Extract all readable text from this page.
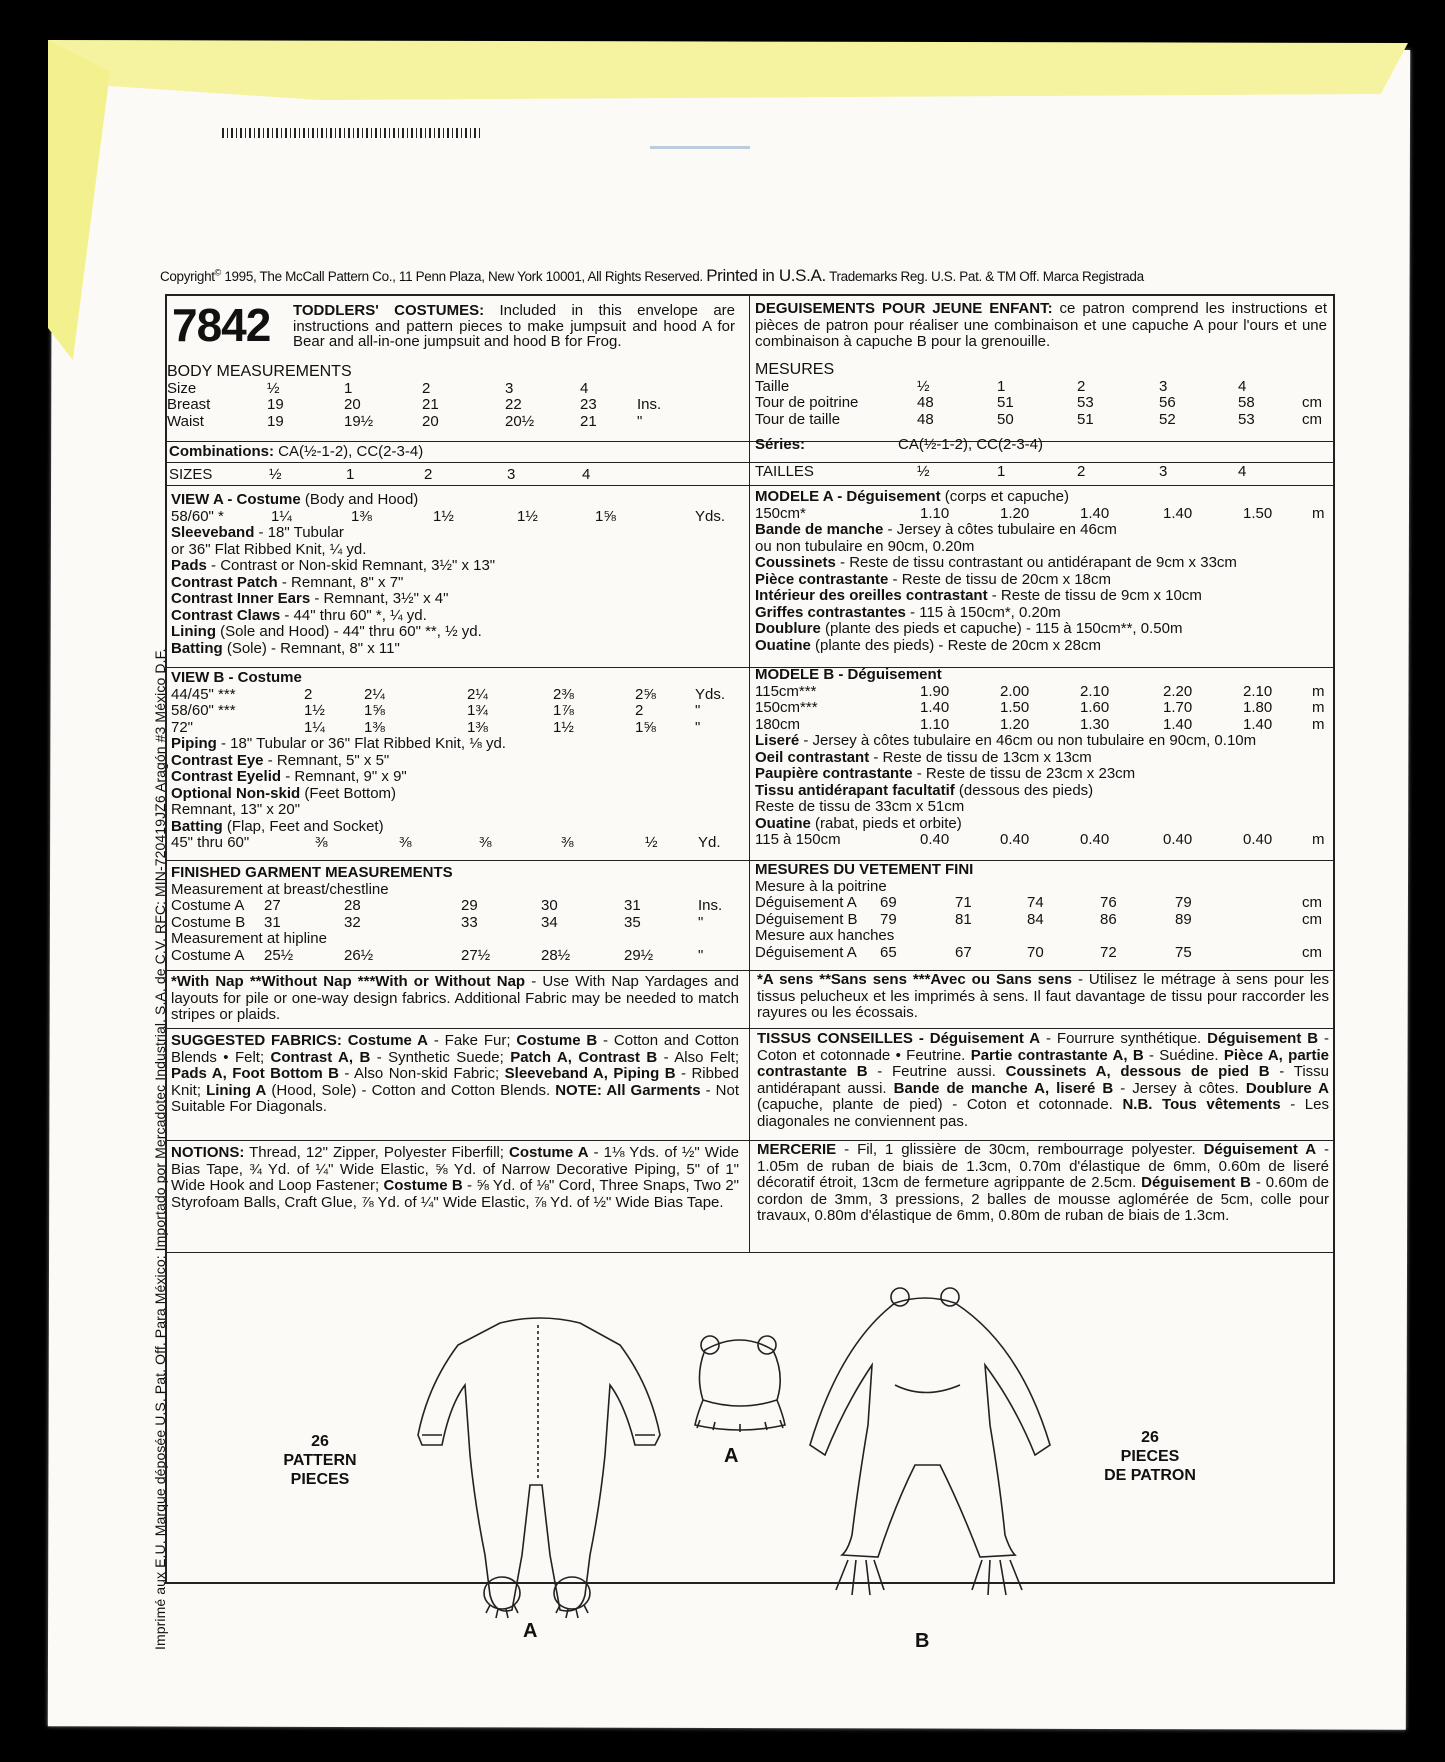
Copyright© 1995, The McCall Pattern Co., 11 Penn Plaza, New York 10001, All Rights Reserved. Printed in U.S.A. Trademarks Reg. U.S. Pat. & TM Off. Marca Registrada
Imprimé aux E.U. Marque déposée U.S. Pat. Off. Para México: Importado por Mercadotec Industrial, S.A. de C.V. RFC: MIN-720419JZ6 Aragón #3 México D.F.
7842 TODDLERS' COSTUMES: Included in this envelope are instructions and pattern pieces to make jumpsuit and hood A for Bear and all-in-one jumpsuit and hood B for Frog.
BODY MEASUREMENTS
Size	½	1	2	3	4
Breast	19	20	21	22	23	Ins.
Waist	19	19½	20	20½	21	"
Combinations: CA(½-1-2), CC(2-3-4)
SIZES	½	1	2	3	4
VIEW A - Costume (Body and Hood)
58/60" *	1¼	1⅜	1½	1½	1⅝	Yds.
Sleeveband - 18" Tubular
or 36" Flat Ribbed Knit, ¼ yd.
Pads - Contrast or Non-skid Remnant, 3½" x 13"
Contrast Patch - Remnant, 8" x 7"
Contrast Inner Ears - Remnant, 3½" x 4"
Contrast Claws - 44" thru 60" *, ¼ yd.
Lining (Sole and Hood) - 44" thru 60" **, ½ yd.
Batting (Sole) - Remnant, 8" x 11"
VIEW B - Costume
44/45" ***	2	2¼	2¼	2⅜	2⅝	Yds.
58/60" ***	1½	1⅝	1¾	1⅞	2	"
72"	1¼	1⅜	1⅜	1½	1⅝	"
Piping - 18" Tubular or 36" Flat Ribbed Knit, ⅛ yd.
Contrast Eye - Remnant, 5" x 5"
Contrast Eyelid - Remnant, 9" x 9"
Optional Non-skid (Feet Bottom)
Remnant, 13" x 20"
Batting (Flap, Feet and Socket)
45" thru 60"	⅜	⅜	⅜	⅜	½	Yd.
FINISHED GARMENT MEASUREMENTS
Measurement at breast/chestline
Costume A 27	28	29	30	31	Ins.
Costume B 31	32	33	34	35	"
Measurement at hipline
Costume A 25½	26½	27½	28½	29½	"
*With Nap **Without Nap ***With or Without Nap - Use With Nap Yardages and layouts for pile or one-way design fabrics. Additional Fabric may be needed to match stripes or plaids.
SUGGESTED FABRICS: Costume A - Fake Fur; Costume B - Cotton and Cotton Blends • Felt; Contrast A, B - Synthetic Suede; Patch A, Contrast B - Also Felt; Pads A, Foot Bottom B - Also Non-skid Fabric; Sleeveband A, Piping B - Ribbed Knit; Lining A (Hood, Sole) - Cotton and Cotton Blends. NOTE: All Garments - Not Suitable For Diagonals.
NOTIONS: Thread, 12" Zipper, Polyester Fiberfill; Costume A - 1⅛ Yds. of ½" Wide Bias Tape, ¾ Yd. of ¼" Wide Elastic, ⅝ Yd. of Narrow Decorative Piping, 5" of 1" Wide Hook and Loop Fastener; Costume B - ⅝ Yd. of ⅛" Cord, Three Snaps, Two 2" Styrofoam Balls, Craft Glue, ⅞ Yd. of ¼" Wide Elastic, ⅞ Yd. of ½" Wide Bias Tape.
DEGUISEMENTS POUR JEUNE ENFANT: ce patron comprend les instructions et pièces de patron pour réaliser une combinaison et une capuche A pour l'ours et une combinaison à capuche B pour la grenouille.
MESURES
Taille	½	1	2	3	4
Tour de poitrine	48	51	53	56	58	cm
Tour de taille	48	50	51	52	53	cm
Séries:	CA(½-1-2), CC(2-3-4)
TAILLES	½	1	2	3	4
MODELE A - Déguisement (corps et capuche)
150cm*	1.10	1.20	1.40	1.40	1.50	m
Bande de manche - Jersey à côtes tubulaire en 46cm
ou non tubulaire en 90cm, 0.20m
Coussinets - Reste de tissu contrastant ou antidérapant de 9cm x 33cm
Pièce contrastante - Reste de tissu de 20cm x 18cm
Intérieur des oreilles contrastant - Reste de tissu de 9cm x 10cm
Griffes contrastantes - 115 à 150cm*, 0.20m
Doublure (plante des pieds et capuche) - 115 à 150cm**, 0.50m
Ouatine (plante des pieds) - Reste de 20cm x 28cm
MODELE B - Déguisement
115cm***	1.90	2.00	2.10	2.20	2.10	m
150cm***	1.40	1.50	1.60	1.70	1.80	m
180cm	1.10	1.20	1.30	1.40	1.40	m
Liseré - Jersey à côtes tubulaire en 46cm ou non tubulaire en 90cm, 0.10m
Oeil contrastant - Reste de tissu de 13cm x 13cm
Paupière contrastante - Reste de tissu de 23cm x 23cm
Tissu antidérapant facultatif (dessous des pieds)
Reste de tissu de 33cm x 51cm
Ouatine (rabat, pieds et orbite)
115 à 150cm	0.40	0.40	0.40	0.40	0.40	m
MESURES DU VETEMENT FINI
Mesure à la poitrine
Déguisement A 69	71	74	76	79	cm
Déguisement B 79	81	84	86	89	cm
Mesure aux hanches
Déguisement A 65	67	70	72	75	cm
*A sens **Sans sens ***Avec ou Sans sens - Utilisez le métrage à sens pour les tissus pelucheux et les imprimés à sens. Il faut davantage de tissu pour raccorder les rayures ou les écossais.
TISSUS CONSEILLES - Déguisement A - Fourrure synthétique. Déguisement B - Coton et cotonnade • Feutrine. Partie contrastante A, B - Suédine. Pièce A, partie contrastante B - Feutrine aussi. Coussinets A, dessous de pied B - Tissu antidérapant aussi. Bande de manche A, liseré B - Jersey à côtes. Doublure A (capuche, plante de pied) - Coton et cotonnade. N.B. Tous vêtements - Les diagonales ne conviennent pas.
MERCERIE - Fil, 1 glissière de 30cm, rembourrage polyester. Déguisement A - 1.05m de ruban de biais de 1.3cm, 0.70m d'élastique de 6mm, 0.60m de liseré décoratif étroit, 13cm de fermeture agrippante de 2.5cm. Déguisement B - 0.60m de cordon de 3mm, 3 pressions, 2 balles de mousse aglomérée de 5cm, colle pour travaux, 0.80m d'élastique de 6mm, 0.80m de ruban de biais de 1.3cm.
26
PATTERN
PIECES
26
PIECES
DE PATRON
A
A
B
